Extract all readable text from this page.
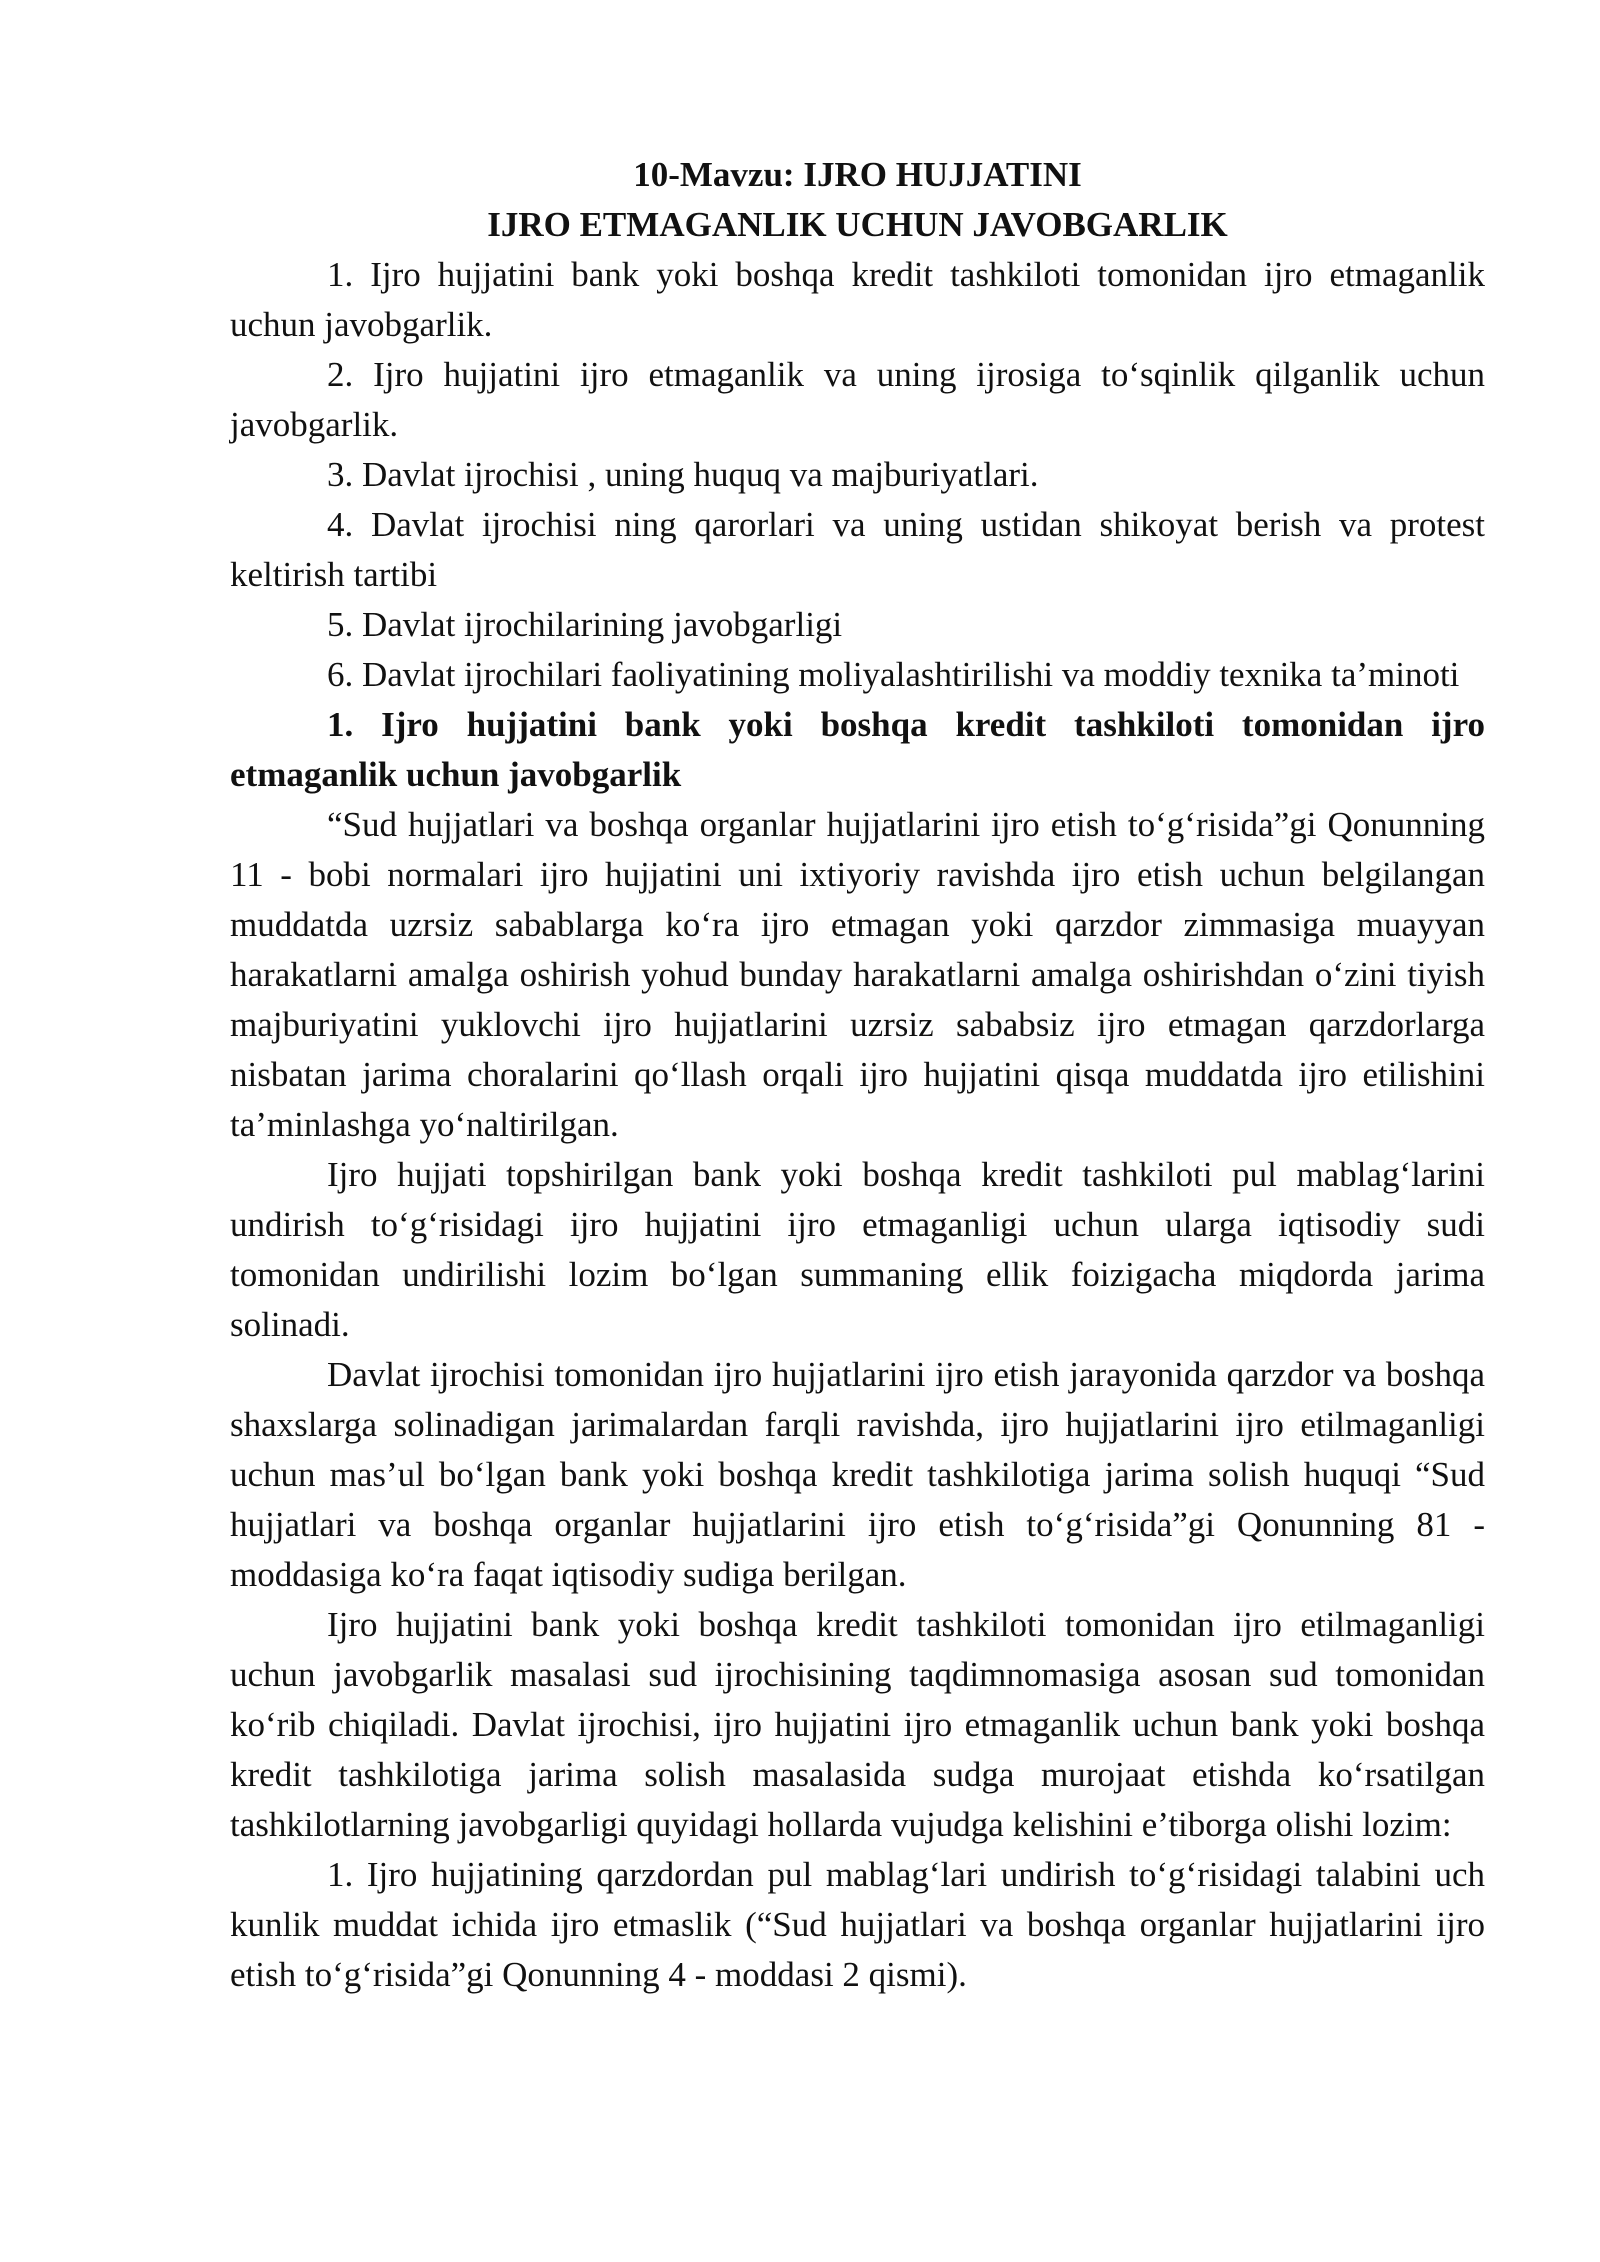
10-Mavzu: IJRO HUJJATINI

IJRO ETMAGANLIK UCHUN JAVOBGARLIK

1. Ijro hujjatini bank yoki boshqa kredit tashkiloti tomonidan ijro etmaganlik uchun javobgarlik.

2. Ijro hujjatini ijro etmaganlik va uning ijrosiga to‘sqinlik qilganlik uchun javobgarlik.

3. Davlat ijrochisi , uning huquq va majburiyatlari.

4. Davlat ijrochisi ning qarorlari va uning ustidan shikoyat berish va protest keltirish tartibi

5. Davlat ijrochilarining javobgarligi

6. Davlat ijrochilari faoliyatining moliyalashtirilishi va moddiy texnika ta’minoti

1. Ijro hujjatini bank yoki boshqa kredit tashkiloti tomonidan ijro etmaganlik uchun javobgarlik

“Sud hujjatlari va boshqa organlar hujjatlarini ijro etish to‘g‘risida”gi Qonunning 11 - bobi normalari ijro hujjatini uni ixtiyoriy ravishda ijro etish uchun belgilangan muddatda uzrsiz sabablarga ko‘ra ijro etmagan yoki qarzdor zimmasiga muayyan harakatlarni amalga oshirish yohud bunday harakatlarni amalga oshirishdan o‘zini tiyish majburiyatini yuklovchi ijro hujjatlarini uzrsiz sababsiz ijro etmagan qarzdorlarga nisbatan jarima choralarini qo‘llash orqali ijro hujjatini qisqa muddatda ijro etilishini ta’minlashga yo‘naltirilgan.

Ijro hujjati topshirilgan bank yoki boshqa kredit tashkiloti pul mablag‘larini undirish to‘g‘risidagi ijro hujjatini ijro etmaganligi uchun ularga iqtisodiy sudi tomonidan undirilishi lozim bo‘lgan summaning ellik foizigacha miqdorda jarima solinadi.

Davlat ijrochisi tomonidan ijro hujjatlarini ijro etish jarayonida qarzdor va boshqa shaxslarga solinadigan jarimalardan farqli ravishda, ijro hujjatlarini ijro etilmaganligi uchun mas’ul bo‘lgan bank yoki boshqa kredit tashkilotiga jarima solish huquqi “Sud hujjatlari va boshqa organlar hujjatlarini ijro etish to‘g‘risida”gi Qonunning 81 - moddasiga ko‘ra faqat iqtisodiy sudiga berilgan.

Ijro hujjatini bank yoki boshqa kredit tashkiloti tomonidan ijro etilmaganligi uchun javobgarlik masalasi sud ijrochisining taqdimnomasiga asosan sud tomonidan ko‘rib chiqiladi. Davlat ijrochisi, ijro hujjatini ijro etmaganlik uchun bank yoki boshqa kredit tashkilotiga jarima solish masalasida sudga murojaat etishda ko‘rsatilgan tashkilotlarning javobgarligi quyidagi hollarda vujudga kelishini e’tiborga olishi lozim:

1. Ijro hujjatining qarzdordan pul mablag‘lari undirish to‘g‘risidagi talabini uch kunlik muddat ichida ijro etmaslik (“Sud hujjatlari va boshqa organlar hujjatlarini ijro etish to‘g‘risida”gi Qonunning 4 - moddasi 2 qismi).
